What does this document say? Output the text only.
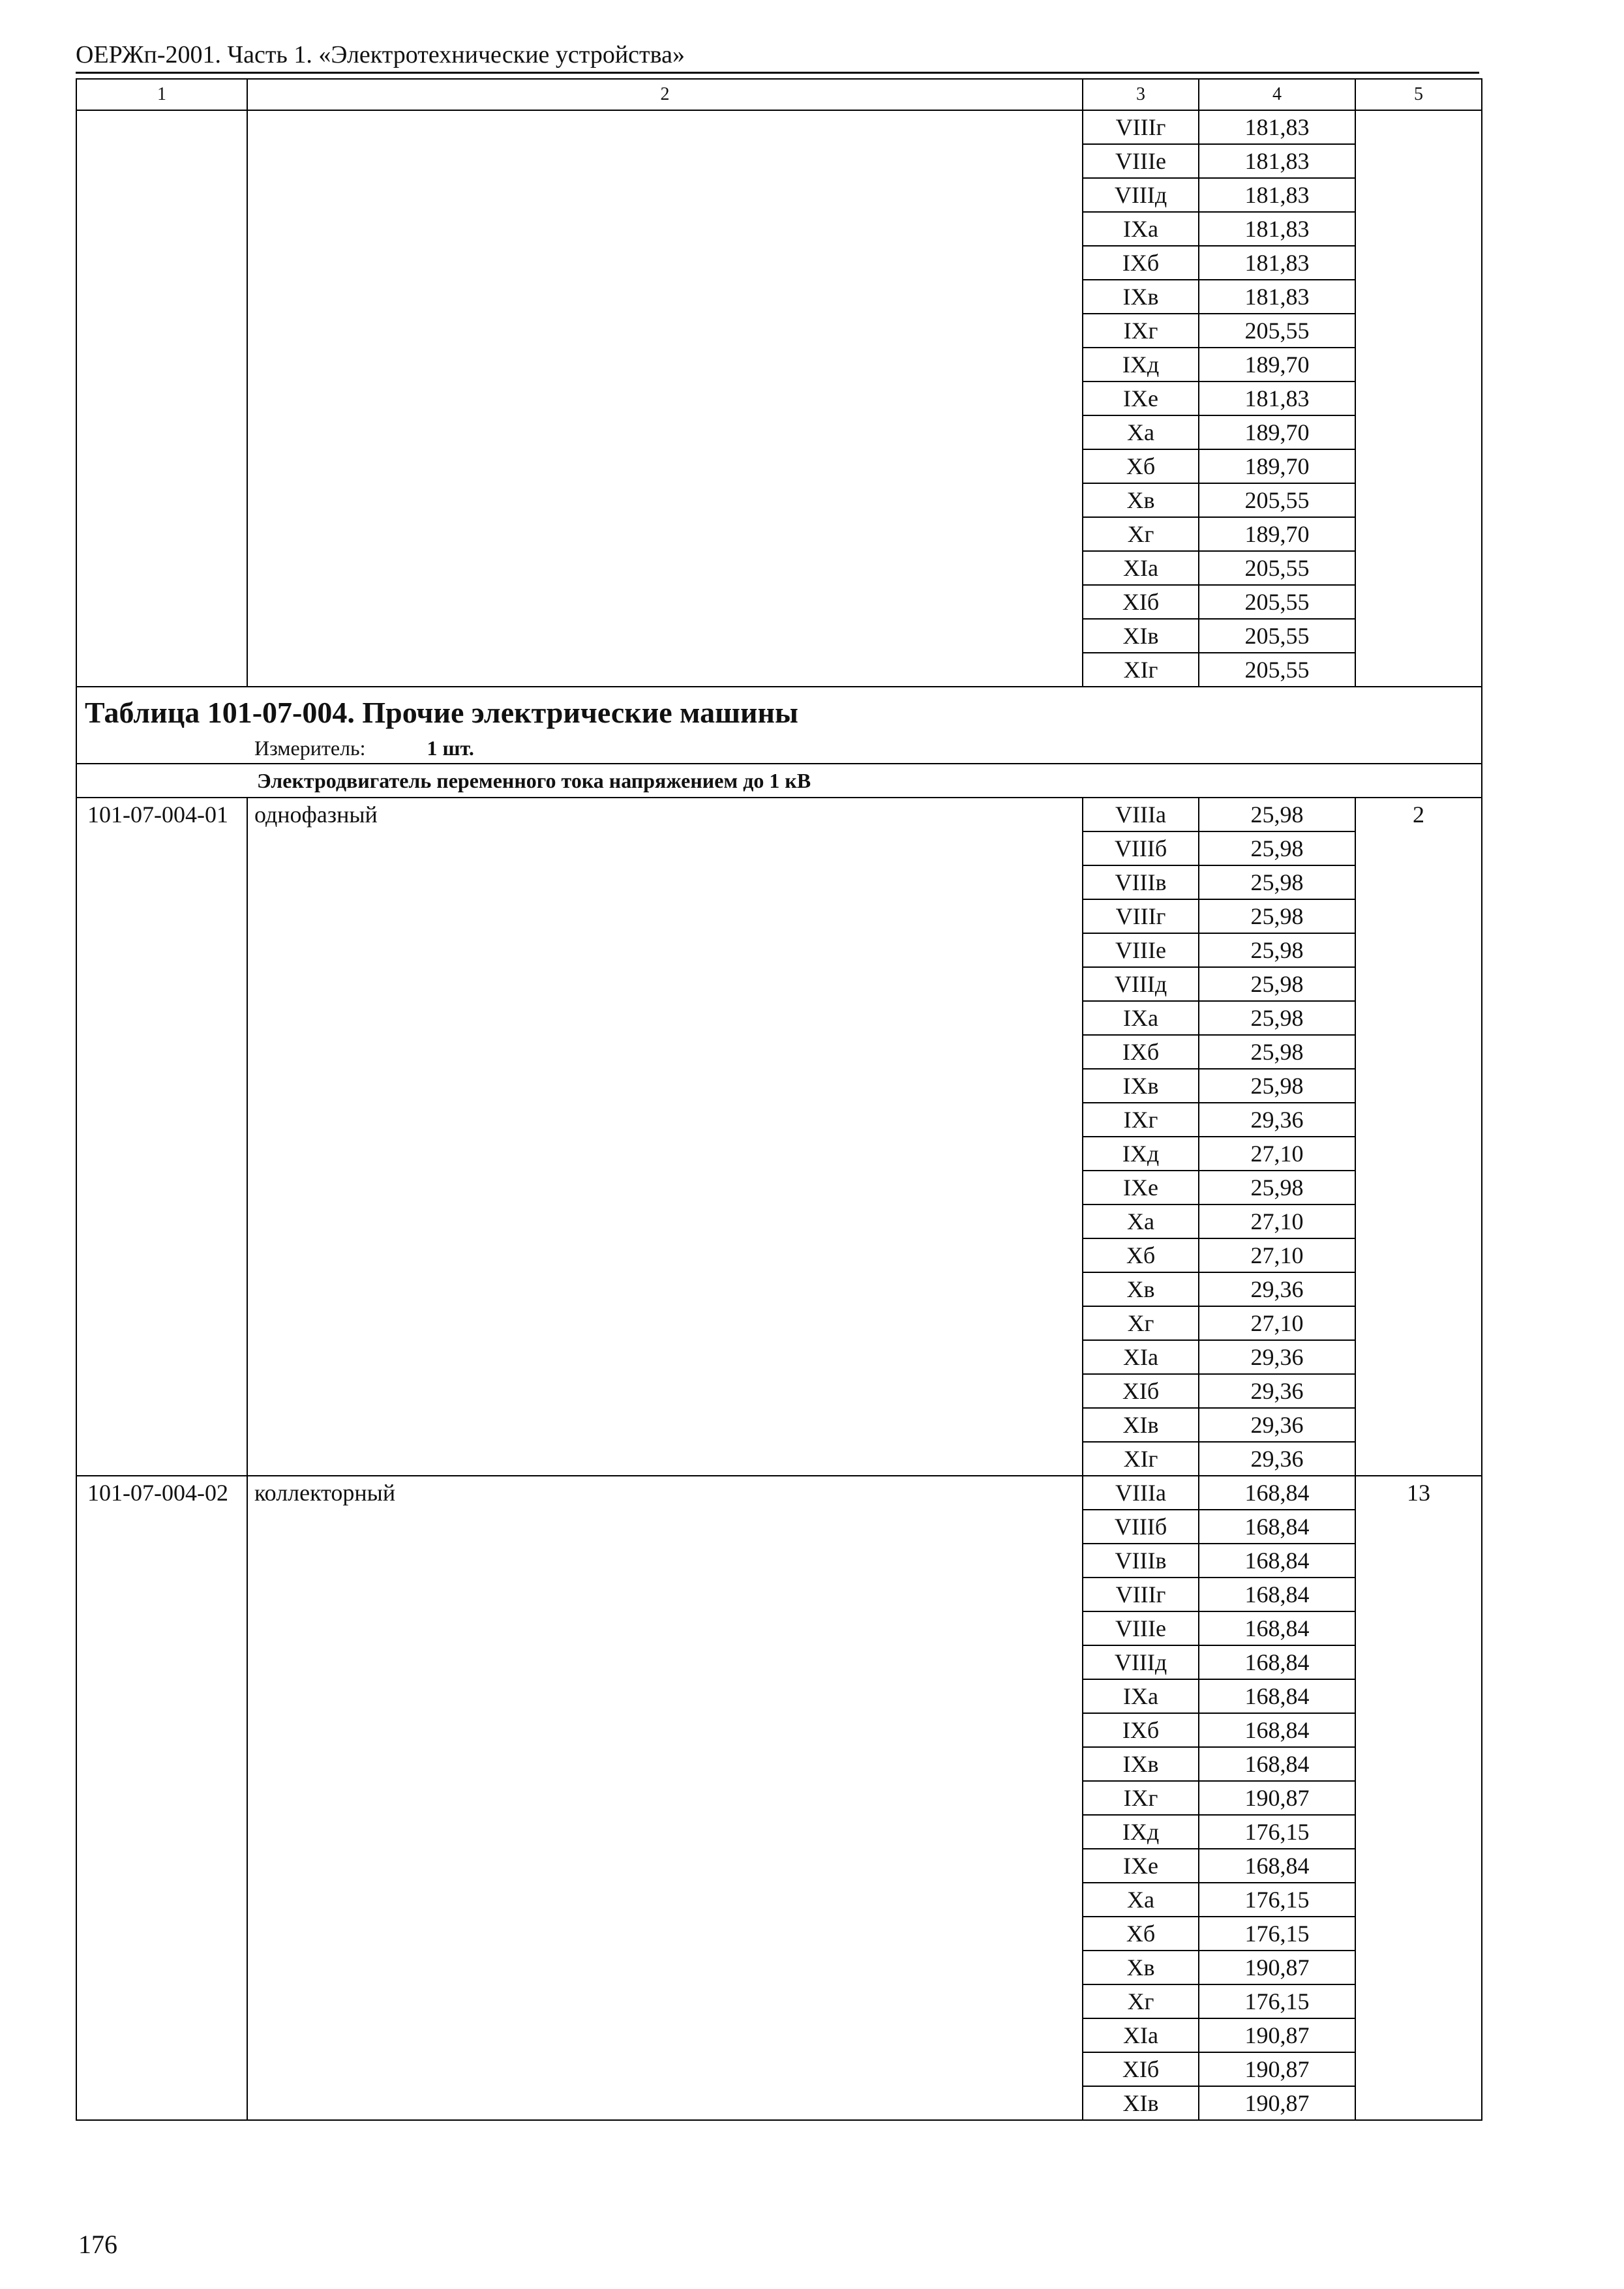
ОЕРЖп-2001. Часть 1. «Электротехнические устройства»
1	2	3	4	5
		VIIIг	181,83	
		VIIIе	181,83	
		VIIIд	181,83	
		IXа	181,83	
		IXб	181,83	
		IXв	181,83	
		IXг	205,55	
		IXд	189,70	
		IXе	181,83	
		Xа	189,70	
		Xб	189,70	
		Xв	205,55	
		Xг	189,70	
		XIа	205,55	
		XIб	205,55	
		XIв	205,55	
		XIг	205,55	

Таблица 101-07-004. Прочие электрические машины
Измеритель: 1 шт.				

Электродвигатель переменного тока напряжением до 1 кВ				
101-07-004-01	однофазный	VIIIа	25,98	2
		VIIIб	25,98	
		VIIIв	25,98	
		VIIIг	25,98	
		VIIIе	25,98	
		VIIIд	25,98	
		IXа	25,98	
		IXб	25,98	
		IXв	25,98	
		IXг	29,36	
		IXд	27,10	
		IXе	25,98	
		Xа	27,10	
		Xб	27,10	
		Xв	29,36	
		Xг	27,10	
		XIа	29,36	
		XIб	29,36	
		XIв	29,36	
		XIг	29,36	
101-07-004-02	коллекторный	VIIIа	168,84	13
		VIIIб	168,84	
		VIIIв	168,84	
		VIIIг	168,84	
		VIIIе	168,84	
		VIIIд	168,84	
		IXа	168,84	
		IXб	168,84	
		IXв	168,84	
		IXг	190,87	
		IXд	176,15	
		IXе	168,84	
		Xа	176,15	
		Xб	176,15	
		Xв	190,87	
		Xг	176,15	
		XIа	190,87	
		XIб	190,87	
		XIв	190,87	
176
